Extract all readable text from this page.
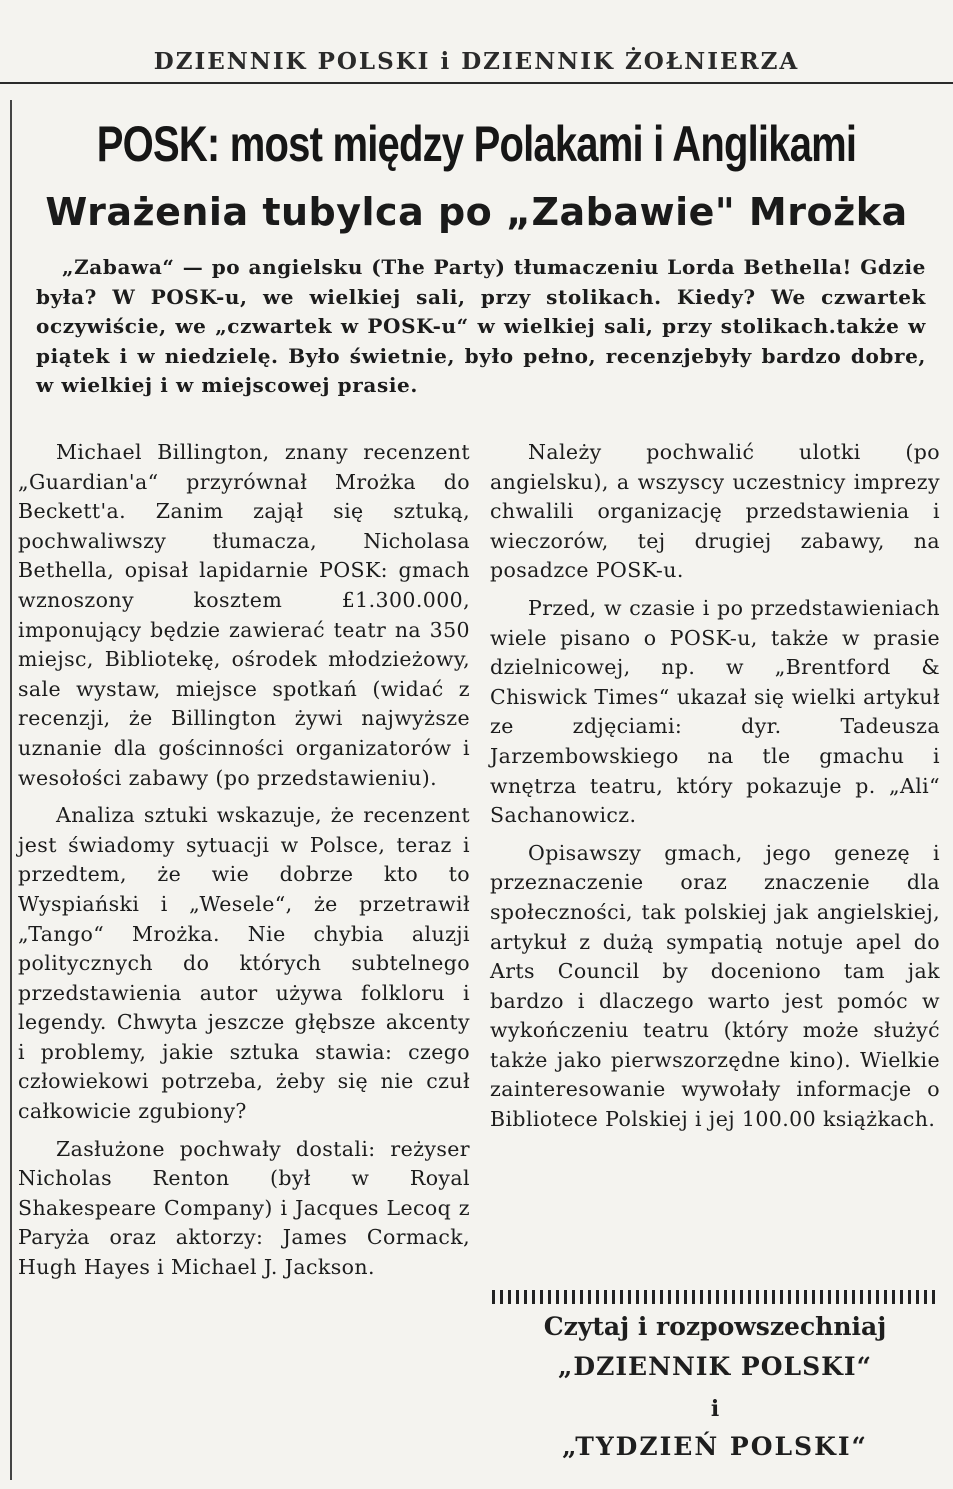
DZIENNIK POLSKI i DZIENNIK ŻOŁNIERZA
POSK: most między Polakami i Anglikami
Wrażenia tubylca po „Zabawie" Mrożka
„Zabawa“ — po angielsku (The Party) tłumaczeniu Lorda Bethella! Gdzie była? W POSK-u, we wielkiej sali, przy stolikach. Kiedy? We czwartek oczywiście, we „czwartek w POSK-u“ w wielkiej sali, przy stolikach.także w piątek i w niedzielę. Było świetnie, było pełno, recenzjebyły bardzo dobre, w wielkiej i w miejscowej prasie.

Michael Billington, znany recenzent „Guardian'a“ przyrównał Mrożka do Beckett'a. Zanim zajął się sztuką, pochwaliwszy tłumacza, Nicholasa Bethella, opisał lapidarnie POSK: gmach wznoszony kosztem £1.300.000, imponujący będzie zawierać teatr na 350 miejsc, Bibliotekę, ośrodek młodzieżowy, sale wystaw, miejsce spotkań (widać z recenzji, że Billington żywi najwyższe uznanie dla gościnności organizatorów i wesołości zabawy (po przedstawieniu).

Analiza sztuki wskazuje, że recenzent jest świadomy sytuacji w Polsce, teraz i przedtem, że wie dobrze kto to Wyspiański i „Wesele“, że przetrawił „Tango“ Mrożka. Nie chybia aluzji politycznych do których subtelnego przedstawienia autor używa folkloru i legendy. Chwyta jeszcze głębsze akcenty i problemy, jakie sztuka stawia: czego człowiekowi potrzeba, żeby się nie czuł całkowicie zgubiony?

Zasłużone pochwały dostali: reżyser Nicholas Renton (był w Royal Shakespeare Company) i Jacques Lecoq z Paryża oraz aktorzy: James Cormack, Hugh Hayes i Michael J. Jackson.

Należy pochwalić ulotki (po angielsku), a wszyscy uczestnicy imprezy chwalili organizację przedstawienia i wieczorów, tej drugiej zabawy, na posadzce POSK-u.

Przed, w czasie i po przedstawieniach wiele pisano o POSK-u, także w prasie dzielnicowej, np. w „Brentford & Chiswick Times“ ukazał się wielki artykuł ze zdjęciami: dyr. Tadeusza Jarzembowskiego na tle gmachu i wnętrza teatru, który pokazuje p. „Ali“ Sachanowicz.

Opisawszy gmach, jego genezę i przeznaczenie oraz znaczenie dla społeczności, tak polskiej jak angielskiej, artykuł z dużą sympatią notuje apel do Arts Council by doceniono tam jak bardzo i dlaczego warto jest pomóc w wykończeniu teatru (który może służyć także jako pierwszorzędne kino). Wielkie zainteresowanie wywołały informacje o Bibliotece Polskiej i jej 100.00 książkach.

Czytaj i rozpowszechniaj
„DZIENNIK POLSKI“
i
„TYDZIEŃ POLSKI“
